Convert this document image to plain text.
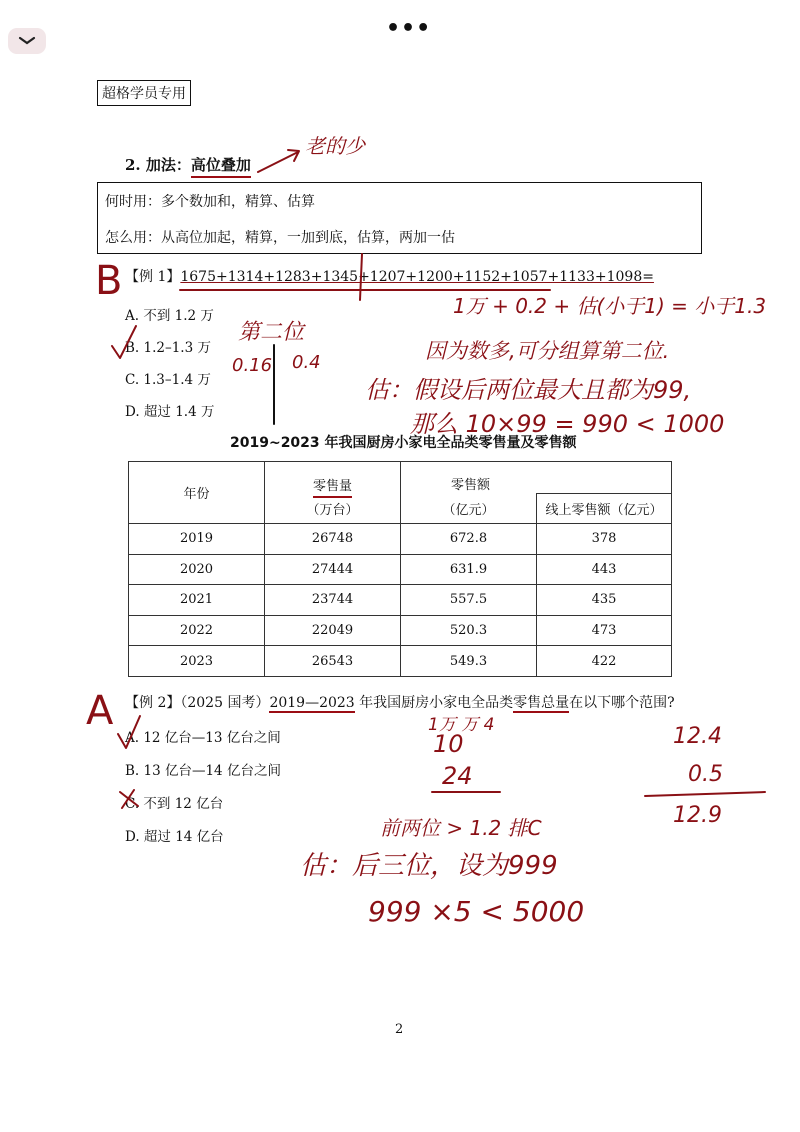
•••
超格学员专用
2. 加法：高位叠加
何时用：多个数加和，精算、估算
怎么用：从高位加起，精算，一加到底，估算，两加一估
【例 1】1675+1314+1283+1345+1207+1200+1152+1057+1133+1098=
A. 不到 1.2 万
B. 1.2–1.3 万
C. 1.3–1.4 万
D. 超过 1.4 万
2019~2023 年我国厨房小家电全品类零售量及零售额
年份	零售量	零售额	
	（万台）	（亿元）	线上零售额（亿元）
2019	26748	672.8	378
2020	27444	631.9	443
2021	23744	557.5	435
2022	22049	520.3	473
2023	26543	549.3	422
【例 2】（2025 国考）2019—2023 年我国厨房小家电全品类零售总量在以下哪个范围?
A. 12 亿台—13 亿台之间
B. 13 亿台—14 亿台之间
C. 不到 12 亿台
D. 超过 14 亿台
2
老的少
B
1万 + 0.2 + 估(小于1) = 小于1.3
第二位
0.16 0.4	因为数多,可分组算第二位.
估：假设后两位最大且都为99,
那么 10×99 = 990 < 1000
A	1万 万 4
10
24
12.4
0.5
12.9
前两位 > 1.2 排C
估：后三位，设为999
999 ×5 < 5000
